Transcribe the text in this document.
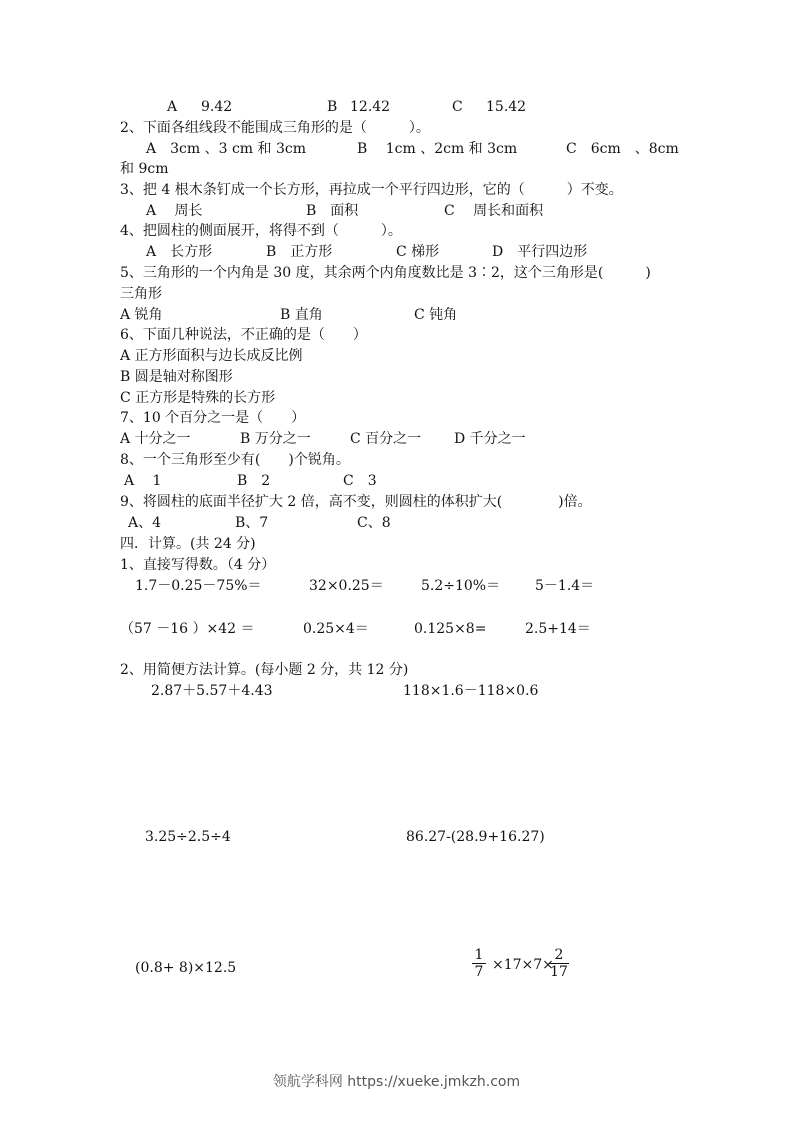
A 9.42	B 12.42	C 15.42
2、下面各组线段不能围成三角形的是（　　　）。
A　3cm 、3 cm 和 3cm	B　 1cm 、2cm 和 3cm	C　6cm　、8cm
和 9cm
3、把 4 根木条钉成一个长方形，再拉成一个平行四边形，它的（　　　）不变。
A　 周长	B　面积	C　 周长和面积
4、把圆柱的侧面展开，将得不到（　　　）。
A　长方形	B　正方形	C 梯形	D　平行四边形
5、三角形的一个内角是 30 度，其余两个内角度数比是 3∶2，这个三角形是(　　　)
三角形
A 锐角	B 直角	C 钝角
6、下面几种说法，不正确的是（　　）
A 正方形面积与边长成反比例
B 圆是轴对称图形
C 正方形是特殊的长方形
7、10 个百分之一是（　　）
A 十分之一	B 万分之一	C 百分之一 D 千分之一
8、一个三角形至少有(　　)个锐角。
A　 1	B　2	C　3
9、将圆柱的底面半径扩大 2 倍，高不变，则圆柱的体积扩大(　　　　)倍。
A、4	B、7	C、8
四．计算。(共 24 分)
1、直接写得数。（4 分）
1.7－0.25－75%＝	32×0.25＝	5.2÷10%＝ 5－1.4＝
（57 －16 ）×42 ＝	0.25×4＝	0.125×8=	2.5+14＝
2、用简便方法计算。(每小题 2 分，共 12 分)
2.87＋5.57＋4.43	118×1.6－118×0.6
3.25÷2.5÷4	86.27-(28.9+16.27)
(0.8+ 8)×12.5	$\frac{1}{7} \times 17\times 7\times$
$\frac{2}{17}$
领航学科网 https://xueke.jmkzh.com
